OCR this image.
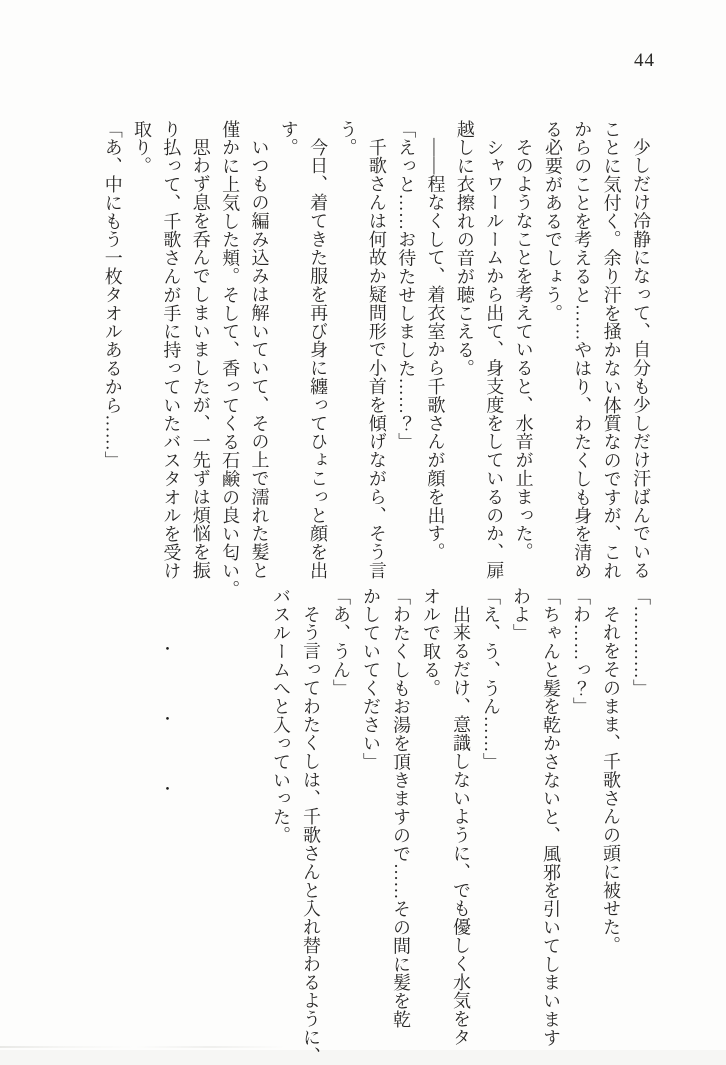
44
少しだけ冷静になって、自分も少しだけ汗ばんでいる
ことに気付く。余り汗を掻かない体質なのですが、これ
からのことを考えると……やはり、わたくしも身を清め
る必要があるでしょう。
そのようなことを考えていると、水音が止まった。
シャワールームから出て、身支度をしているのか、扉
越しに衣擦れの音が聴こえる。
――程なくして、着衣室から千歌さんが顔を出す。
「えっと……お待たせしました……？」
千歌さんは何故か疑問形で小首を傾げながら、そう言
う。
今日、着てきた服を再び身に纏ってひょこっと顔を出
す。
いつもの編み込みは解いていて、その上で濡れた髪と
僅かに上気した頬。そして、香ってくる石鹸の良い匂い。
思わず息を呑んでしまいましたが、一先ずは煩悩を振
り払って、千歌さんが手に持っていたバスタオルを受け
取り。
「あ、中にもう一枚タオルあるから……」
「…………」
それをそのまま、千歌さんの頭に被せた。
「わ……っ？」
「ちゃんと髪を乾かさないと、風邪を引いてしまいます
わよ」
「え、う、うん……」
出来るだけ、意識しないように、でも優しく水気をタ
オルで取る。
「わたくしもお湯を頂きますので……その間に髪を乾
かしていてください」
「あ、うん」
そう言ってわたくしは、千歌さんと入れ替わるように、
バスルームへと入っていった。
・
・
・
